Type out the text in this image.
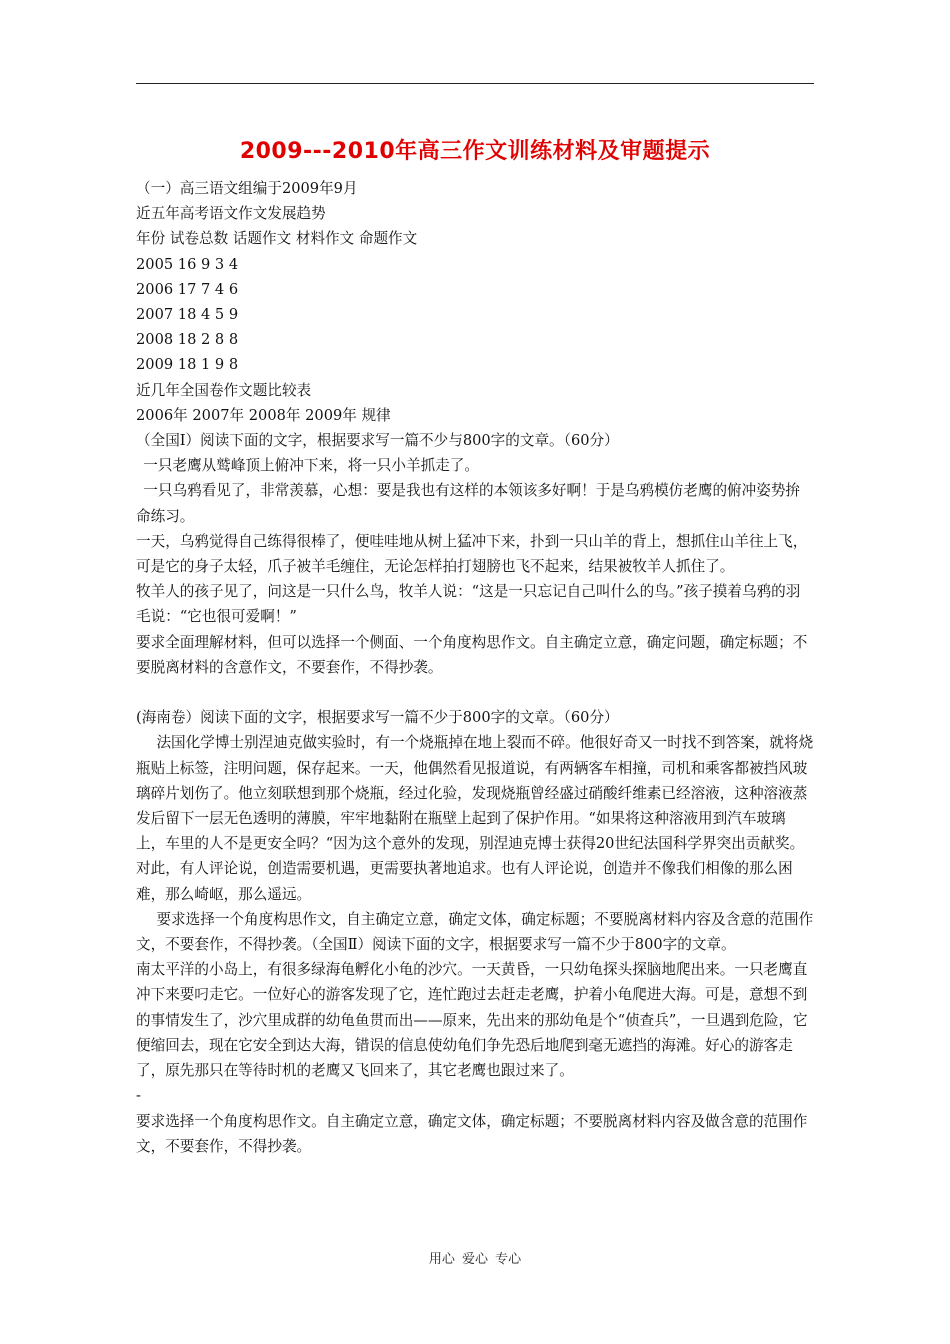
2009---2010年高三作文训练材料及审题提示

（一）高三语文组编于2009年9月

近五年高考语文作文发展趋势

年份 试卷总数 话题作文 材料作文 命题作文

2005 16 9 3 4

2006 17 7 4 6

2007 18 4 5 9

2008 18 2 8 8

2009 18 1 9 8

近几年全国卷作文题比较表

2006年 2007年 2008年 2009年 规律

（全国Ⅰ）阅读下面的文字，根据要求写一篇不少与800字的文章。（60分）

一只老鹰从鹫峰顶上俯冲下来，将一只小羊抓走了。

一只乌鸦看见了，非常羡慕，心想：要是我也有这样的本领该多好啊！于是乌鸦模仿老鹰的俯冲姿势拚命练习。

一天，乌鸦觉得自己练得很棒了，便哇哇地从树上猛冲下来，扑到一只山羊的背上，想抓住山羊往上飞，可是它的身子太轻，爪子被羊毛缠住，无论怎样拍打翅膀也飞不起来，结果被牧羊人抓住了。

牧羊人的孩子见了，问这是一只什么鸟，牧羊人说：“这是一只忘记自己叫什么的鸟。”孩子摸着乌鸦的羽毛说：“它也很可爱啊！”

要求全面理解材料，但可以选择一个侧面、一个角度构思作文。自主确定立意，确定问题，确定标题；不要脱离材料的含意作文，不要套作，不得抄袭。

(海南卷）阅读下面的文字，根据要求写一篇不少于800字的文章。（60分）

法国化学博士别涅迪克做实验时，有一个烧瓶掉在地上裂而不碎。他很好奇又一时找不到答案，就将烧瓶贴上标签，注明问题，保存起来。一天，他偶然看见报道说，有两辆客车相撞，司机和乘客都被挡风玻璃碎片划伤了。他立刻联想到那个烧瓶，经过化验，发现烧瓶曾经盛过硝酸纤维素已经溶液，这种溶液蒸发后留下一层无色透明的薄膜，牢牢地黏附在瓶壁上起到了保护作用。“如果将这种溶液用到汽车玻璃上，车里的人不是更安全吗？“因为这个意外的发现，别涅迪克博士获得20世纪法国科学界突出贡献奖。对此，有人评论说，创造需要机遇，更需要执著地追求。也有人评论说，创造并不像我们相像的那么困难，那么崎岖，那么遥远。

要求选择一个角度构思作文，自主确定立意，确定文体，确定标题；不要脱离材料内容及含意的范围作文，不要套作，不得抄袭。（全国Ⅱ）阅读下面的文字，根据要求写一篇不少于800字的文章。

南太平洋的小岛上，有很多绿海龟孵化小龟的沙穴。一天黄昏，一只幼龟探头探脑地爬出来。一只老鹰直冲下来要叼走它。一位好心的游客发现了它，连忙跑过去赶走老鹰，护着小龟爬进大海。可是，意想不到的事情发生了，沙穴里成群的幼龟鱼贯而出——原来，先出来的那幼龟是个“侦查兵”，一旦遇到危险，它便缩回去，现在它安全到达大海，错误的信息使幼龟们争先恐后地爬到毫无遮挡的海滩。好心的游客走了，原先那只在等待时机的老鹰又飞回来了，其它老鹰也跟过来了。

-

要求选择一个角度构思作文。自主确定立意，确定文体，确定标题；不要脱离材料内容及做含意的范围作文，不要套作，不得抄袭。

用心 爱心 专心
